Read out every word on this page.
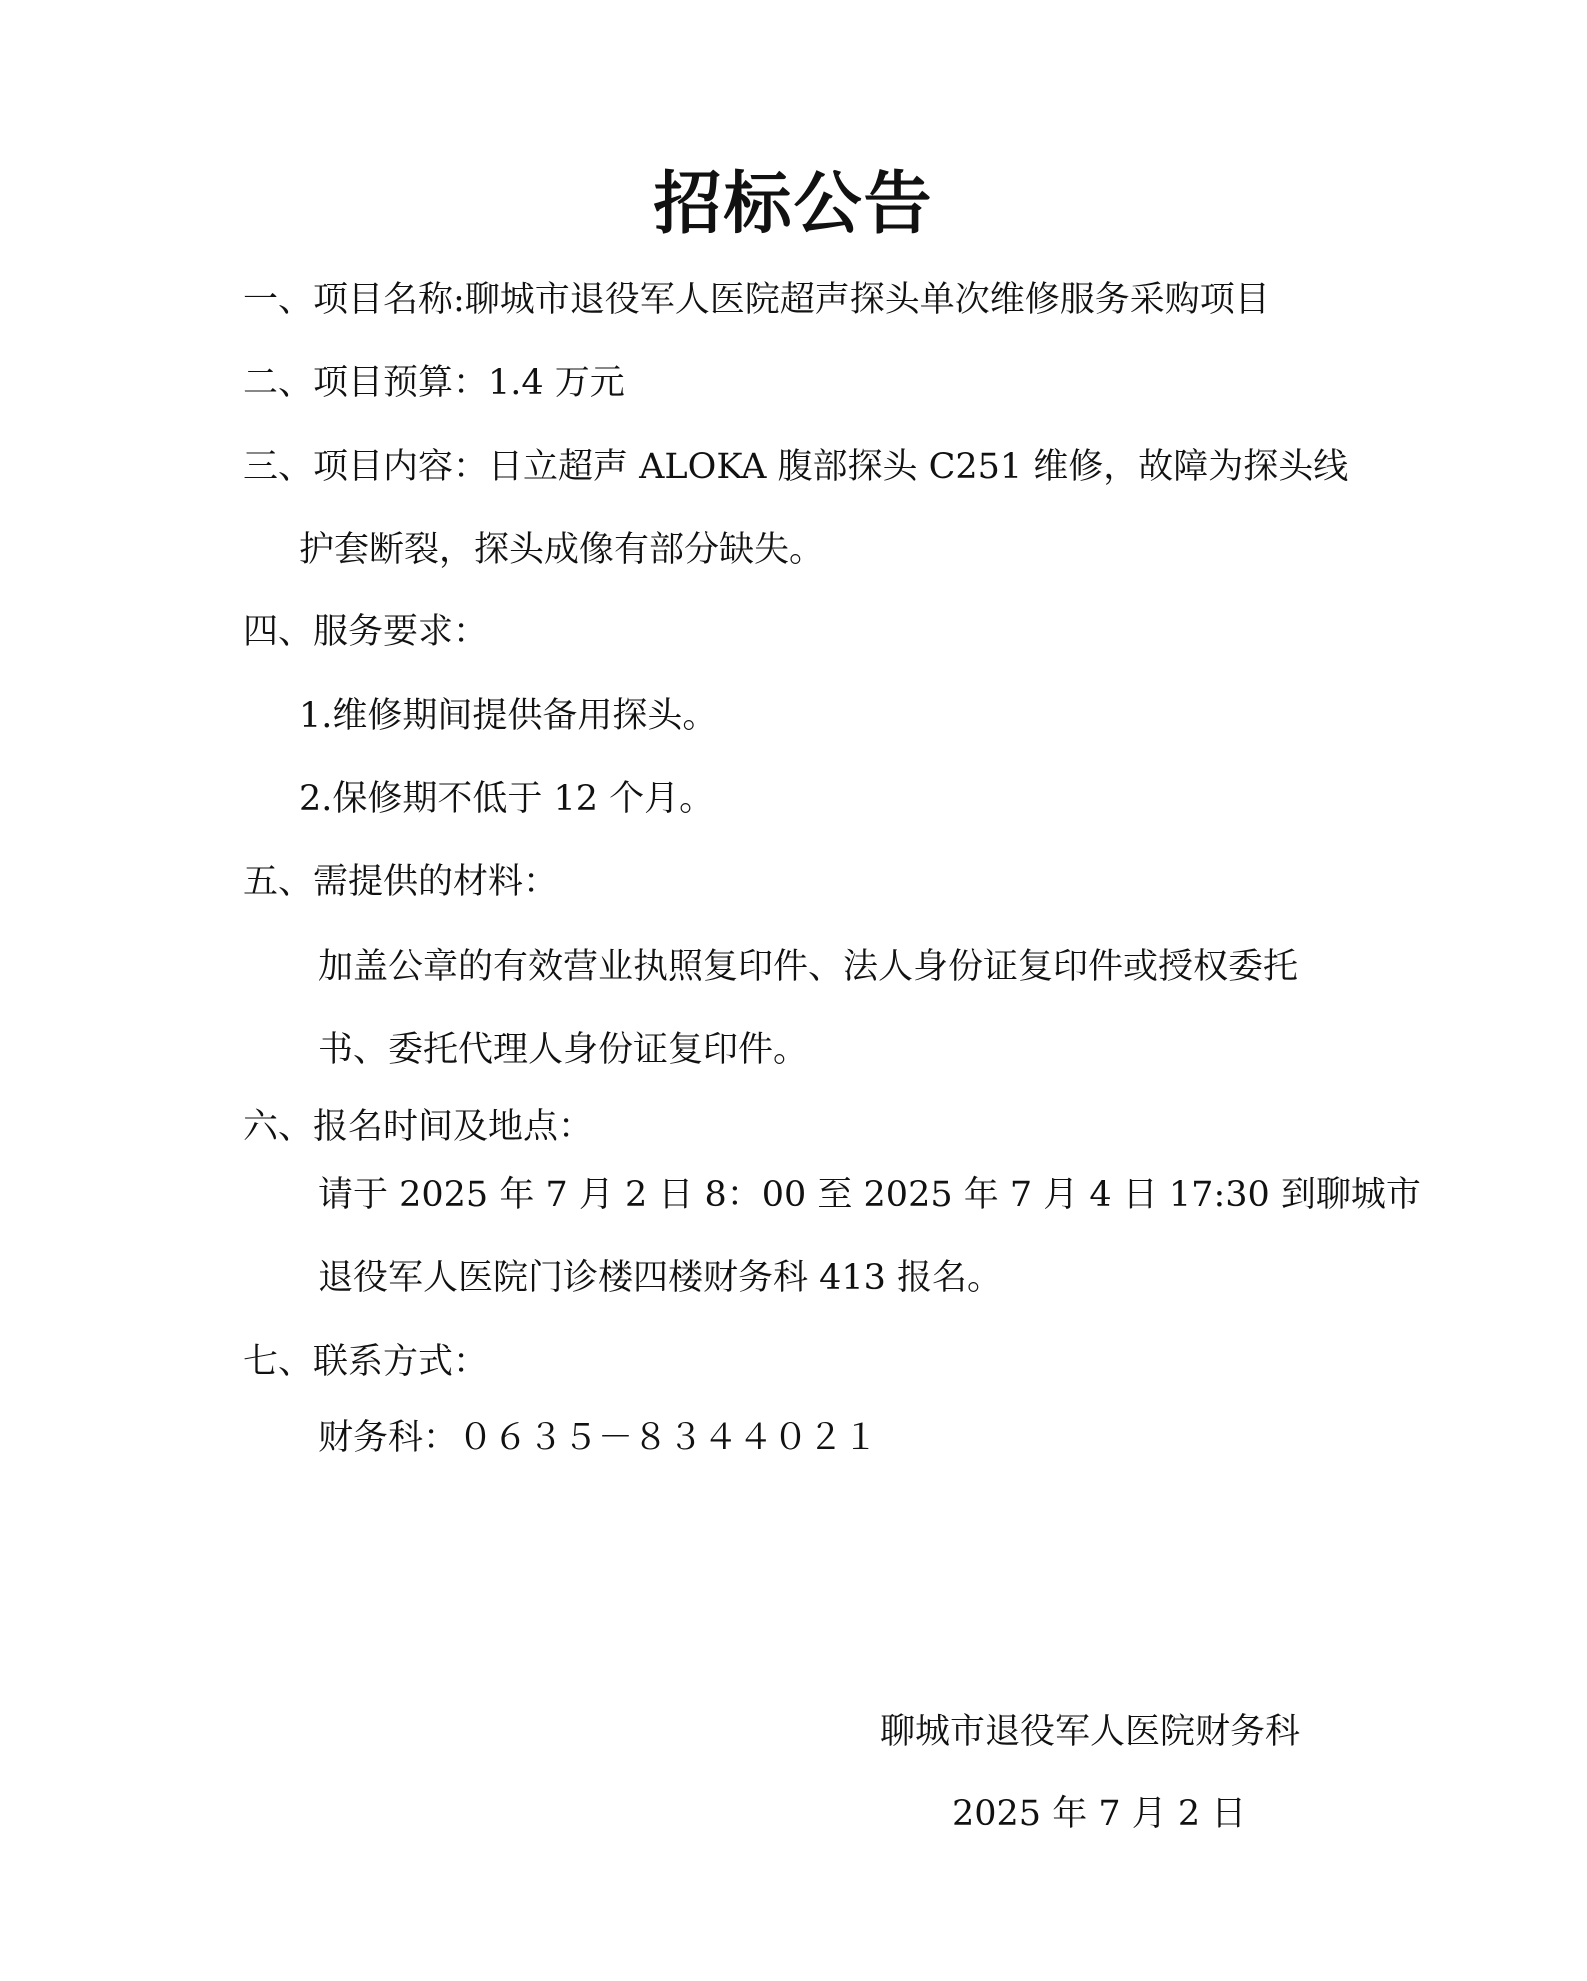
招标公告
一、项目名称:聊城市退役军人医院超声探头单次维修服务采购项目
二、项目预算：1.4 万元
三、项目内容：日立超声 ALOKA 腹部探头 C251 维修，故障为探头线
护套断裂，探头成像有部分缺失。
四、服务要求：
1.维修期间提供备用探头。
2.保修期不低于 12 个月。
五、需提供的材料：
加盖公章的有效营业执照复印件、法人身份证复印件或授权委托
书、委托代理人身份证复印件。
六、报名时间及地点：
请于 2025 年 7 月 2 日 8：00 至 2025 年 7 月 4 日 17:30 到聊城市
退役军人医院门诊楼四楼财务科 413 报名。
七、联系方式：
财务科：０６３５－８３４４０２１
聊城市退役军人医院财务科
2025 年 7 月 2 日
